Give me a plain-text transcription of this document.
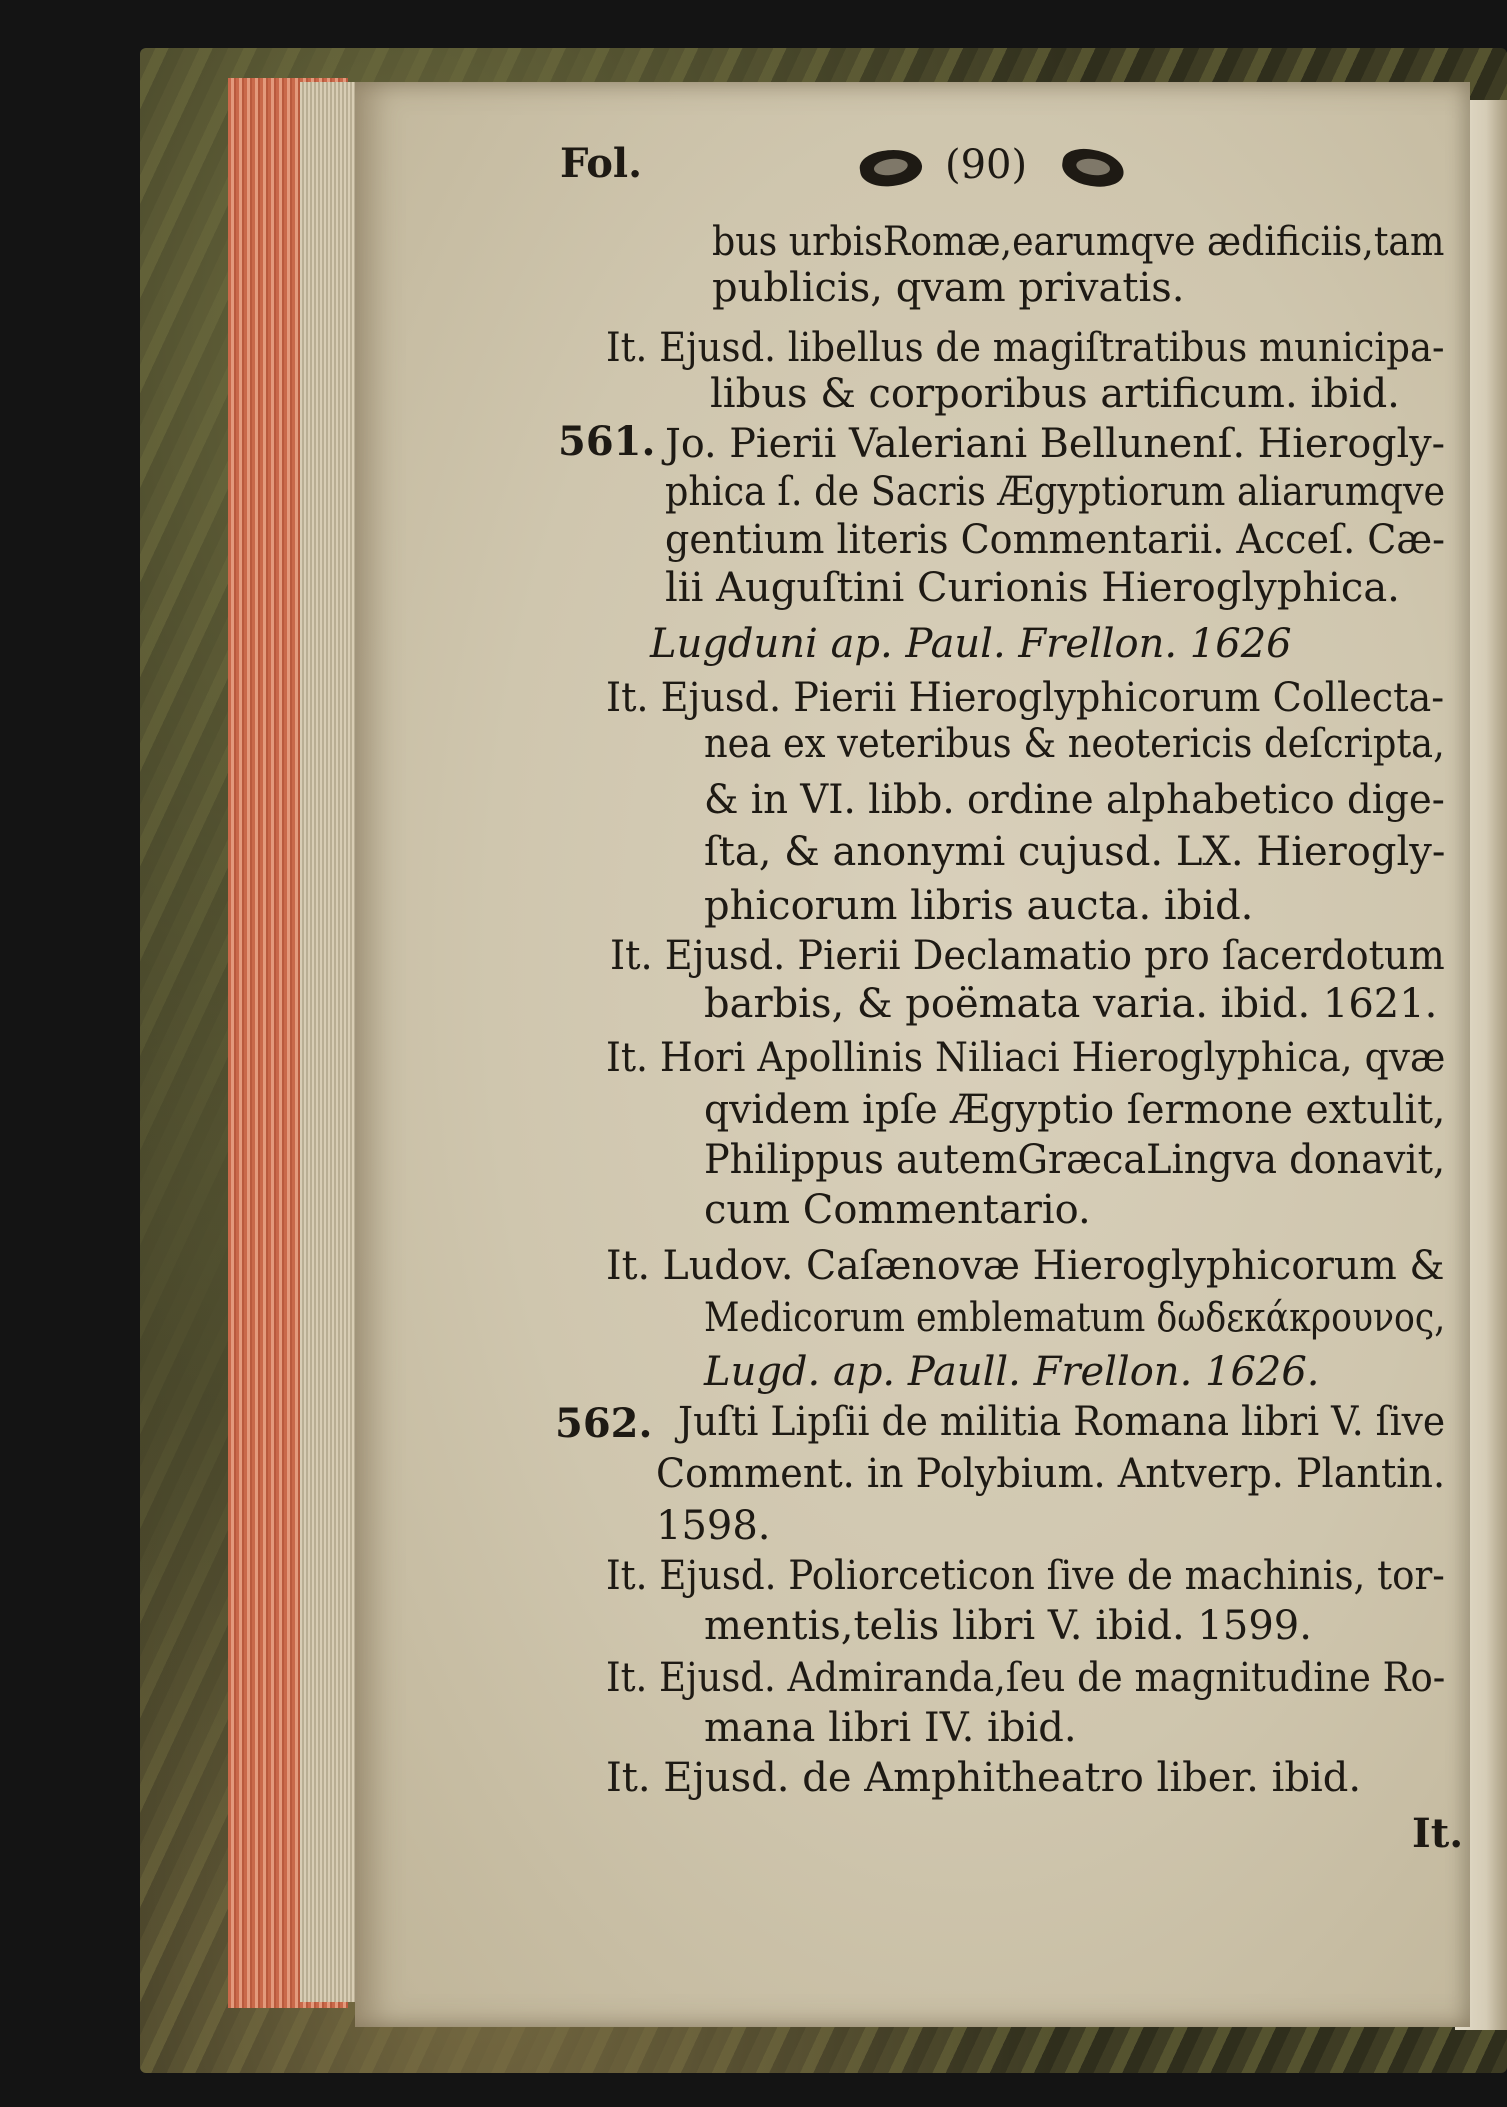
Fol.	(90)
561.
562.
bus urbisRomæ,earumqve ædificiis,tam
publicis, qvam privatis.
It. Ejusd. libellus de magiſtratibus municipa-
libus & corporibus artificum. ibid.
Jo. Pierii Valeriani Bellunenſ. Hierogly-
phica ſ. de Sacris Ægyptiorum aliarumqve
gentium literis Commentarii. Acceſ. Cæ-
lii Auguſtini Curionis Hieroglyphica.
Lugduni ap. Paul. Frellon. 1626
It. Ejusd. Pierii Hieroglyphicorum Collecta-
nea ex veteribus & neotericis deſcripta,
& in VI. libb. ordine alphabetico dige-
ſta, & anonymi cujusd. LX. Hierogly-
phicorum libris aucta. ibid.
It. Ejusd. Pierii Declamatio pro ſacerdotum
barbis, & poëmata varia. ibid. 1621.
It. Hori Apollinis Niliaci Hieroglyphica, qvæ
qvidem ipſe Ægyptio ſermone extulit,
Philippus autemGræcaLingva donavit,
cum Commentario.
It. Ludov. Caſænovæ Hieroglyphicorum &
Medicorum emblematum δωδεκάκρουνος,
Lugd. ap. Paull. Frellon. 1626.
Juſti Lipſii de militia Romana libri V. ſive
Comment. in Polybium. Antverp. Plantin.
1598.
It. Ejusd. Poliorceticon ſive de machinis, tor-
mentis,telis libri V. ibid. 1599.
It. Ejusd. Admiranda,ſeu de magnitudine Ro-
mana libri IV. ibid.
It. Ejusd. de Amphitheatro liber. ibid.
It.
